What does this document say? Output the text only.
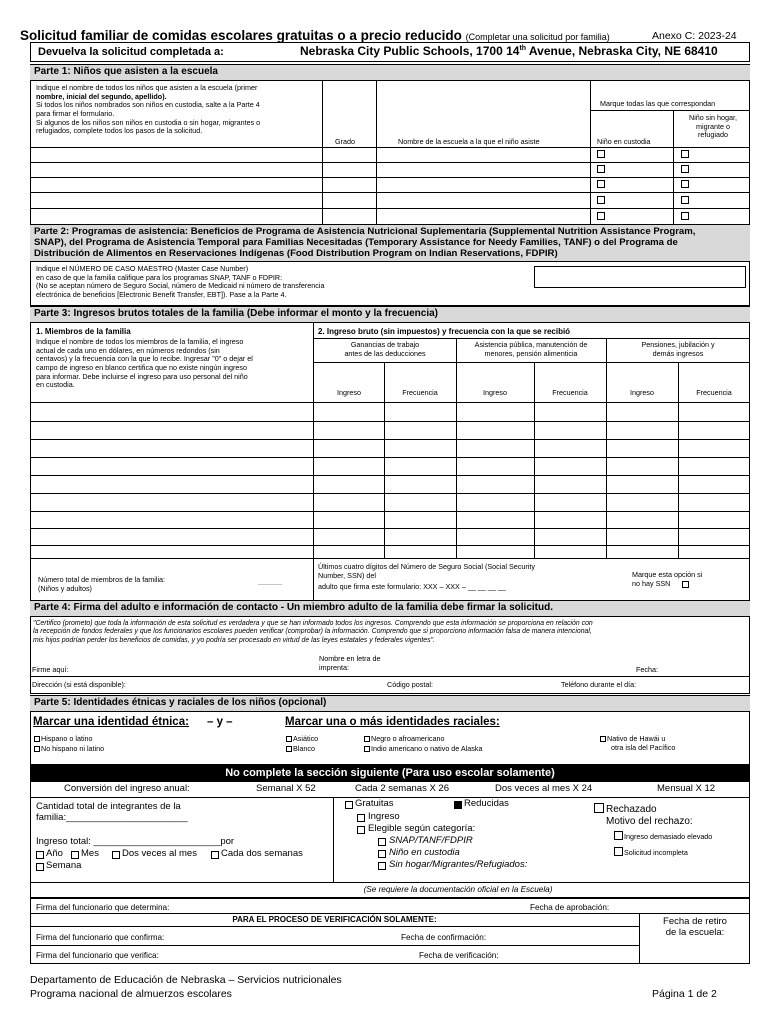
Solicitud familiar de comidas escolares gratuitas o a precio reducido (Completar una solicitud por familia)	Anexo C: 2023-24
Devuelva la solicitud completada a:	Nebraska City Public Schools, 1700 14th Avenue, Nebraska City, NE 68410
Parte 1: Niños que asisten a la escuela
Indique el nombre de todos los niños que asisten a la escuela (primer
nombre, inicial del segundo, apellido).
Si todos los niños nombrados son niños en custodia, salte a la Parte 4
para firmar el formulario.
Si algunos de los niños son niños en custodia o sin hogar, migrantes o
refugiados, complete todos los pasos de la solicitud.
Grado	Nombre de la escuela a la que el niño asiste
Marque todas las que correspondan
Niño en custodia
Niño sin hogar,
migrante o
refugiado
Parte 2: Programas de asistencia: Beneficios de Programa de Asistencia Nutricional Suplementaria (Supplemental Nutrition Assistance Program,
SNAP), del Programa de Asistencia Temporal para Familias Necesitadas (Temporary Assistance for Needy Families, TANF) o del Programa de
Distribución de Alimentos en Reservaciones Indígenas (Food Distribution Program on Indian Reservations, FDPIR)
Indique el NÚMERO DE CASO MAESTRO (Master Case Number)
en caso de que la familia califique para los programas SNAP, TANF o FDPIR:
(No se aceptan número de Seguro Social, número de Medicaid ni número de transferencia
electrónica de beneficios [Electronic Benefit Transfer, EBT]). Pase a la Parte 4.
Parte 3: Ingresos brutos totales de la familia (Debe informar el monto y la frecuencia)
1. Miembros de la familia
Indique el nombre de todos los miembros de la familia, el ingreso
actual de cada uno en dólares, en números redondos (sin
centavos) y la frecuencia con la que lo recibe. Ingresar "0" o dejar el
campo de ingreso en blanco certifica que no existe ningún ingreso
para informar. Debe incluirse el ingreso para uso personal del niño
en custodia.
2. Ingreso bruto (sin impuestos) y frecuencia con la que se recibió
Ganancias de trabajo
antes de las deducciones
Asistencia pública, manutención de
menores, pensión alimenticia
Pensiones, jubilación y
demás ingresos
Ingreso	Frecuencia	Ingreso	Frecuencia	Ingreso	Frecuencia
Número total de miembros de la familia:
(Niños y adultos)
______
Últimos cuatro dígitos del Número de Seguro Social (Social Security
Number, SSN) del
adulto que firma este formulario: XXX – XXX – __ __ __ __
Marque esta opción si
no hay SSN
Parte 4: Firma del adulto e información de contacto - Un miembro adulto de la familia debe firmar la solicitud.
"Certifico (prometo) que toda la información de esta solicitud es verdadera y que se han informado todos los ingresos. Comprendo que esta información se proporciona en relación con
la recepción de fondos federales y que los funcionarios escolares pueden verificar (comprobar) la información. Comprendo que si proporciono información falsa de manera intencional,
mis hijos podrían perder los beneficios de comidas, y yo podría ser procesado en virtud de las leyes estatales y federales vigentes".
Firme aquí:
Nombre en letra de
imprenta:	Fecha:
Dirección (si está disponible):	Código postal:	Teléfono durante el día:
Parte 5: Identidades étnicas y raciales de los niños (opcional)
Marcar una identidad étnica: – y –	Marcar una o más identidades raciales:
Hispano o latino
No hispano ni latino
Asiático
Blanco
Negro o afroamericano
Indio americano o nativo de Alaska
Nativo de Hawái u
otra isla del Pacífico
No complete la sección siguiente (Para uso escolar solamente)
Conversión del ingreso anual:	Semanal X 52	Cada 2 semanas X 26	Dos veces al mes X 24	Mensual X 12
Cantidad total de integrantes de la
familia:_______________________
Ingreso total: ________________________por
Año Mes Dos veces al mes	Cada dos semanas
Semana
Gratuitas	Reducidas
Ingreso
Elegible según categoría:
SNAP/TANF/FDPIR
Niño en custodia
Sin hogar/Migrantes/Refugiados:
Rechazado
Motivo del rechazo:
Ingreso demasiado elevado
Solicitud incompleta
(Se requiere la documentación oficial en la Escuela)
Firma del funcionario que determina:	Fecha de aprobación:
Fecha de retiro
de la escuela:
PARA EL PROCESO DE VERIFICACIÓN SOLAMENTE:
Firma del funcionario que confirma:	Fecha de confirmación:
Firma del funcionario que verifica:	Fecha de verificación:
Departamento de Educación de Nebraska – Servicios nutricionales
Programa nacional de almuerzos escolares	Página 1 de 2
